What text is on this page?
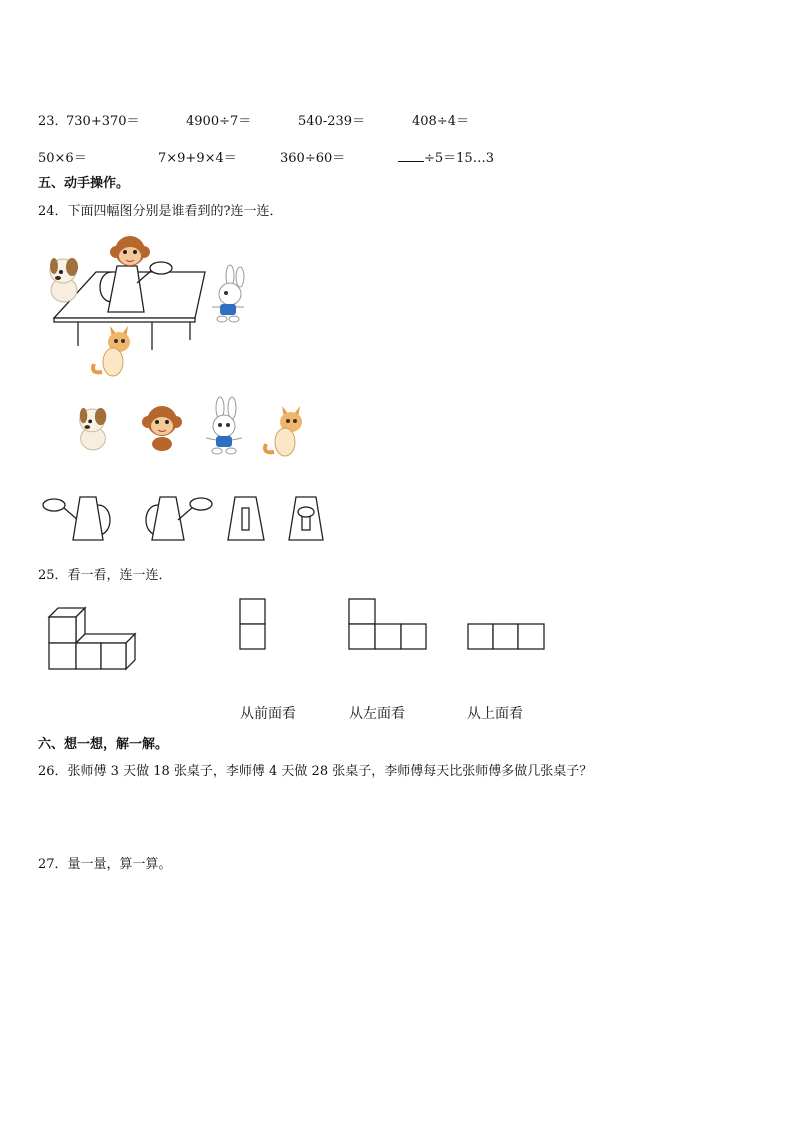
23．
730+370＝	4900÷7＝	540-239＝	408÷4＝
50×6＝	7×9+9×4＝	360÷60＝	÷5＝15…3
五、动手操作。
24．下面四幅图分别是谁看到的?连一连．
25．看一看，连一连．
从前面看	从左面看	从上面看
六、想一想，解一解。
26．张师傅 3 天做 18 张桌子，李师傅 4 天做 28 张桌子，李师傅每天比张师傅多做几张桌子？
27．量一量，算一算。
